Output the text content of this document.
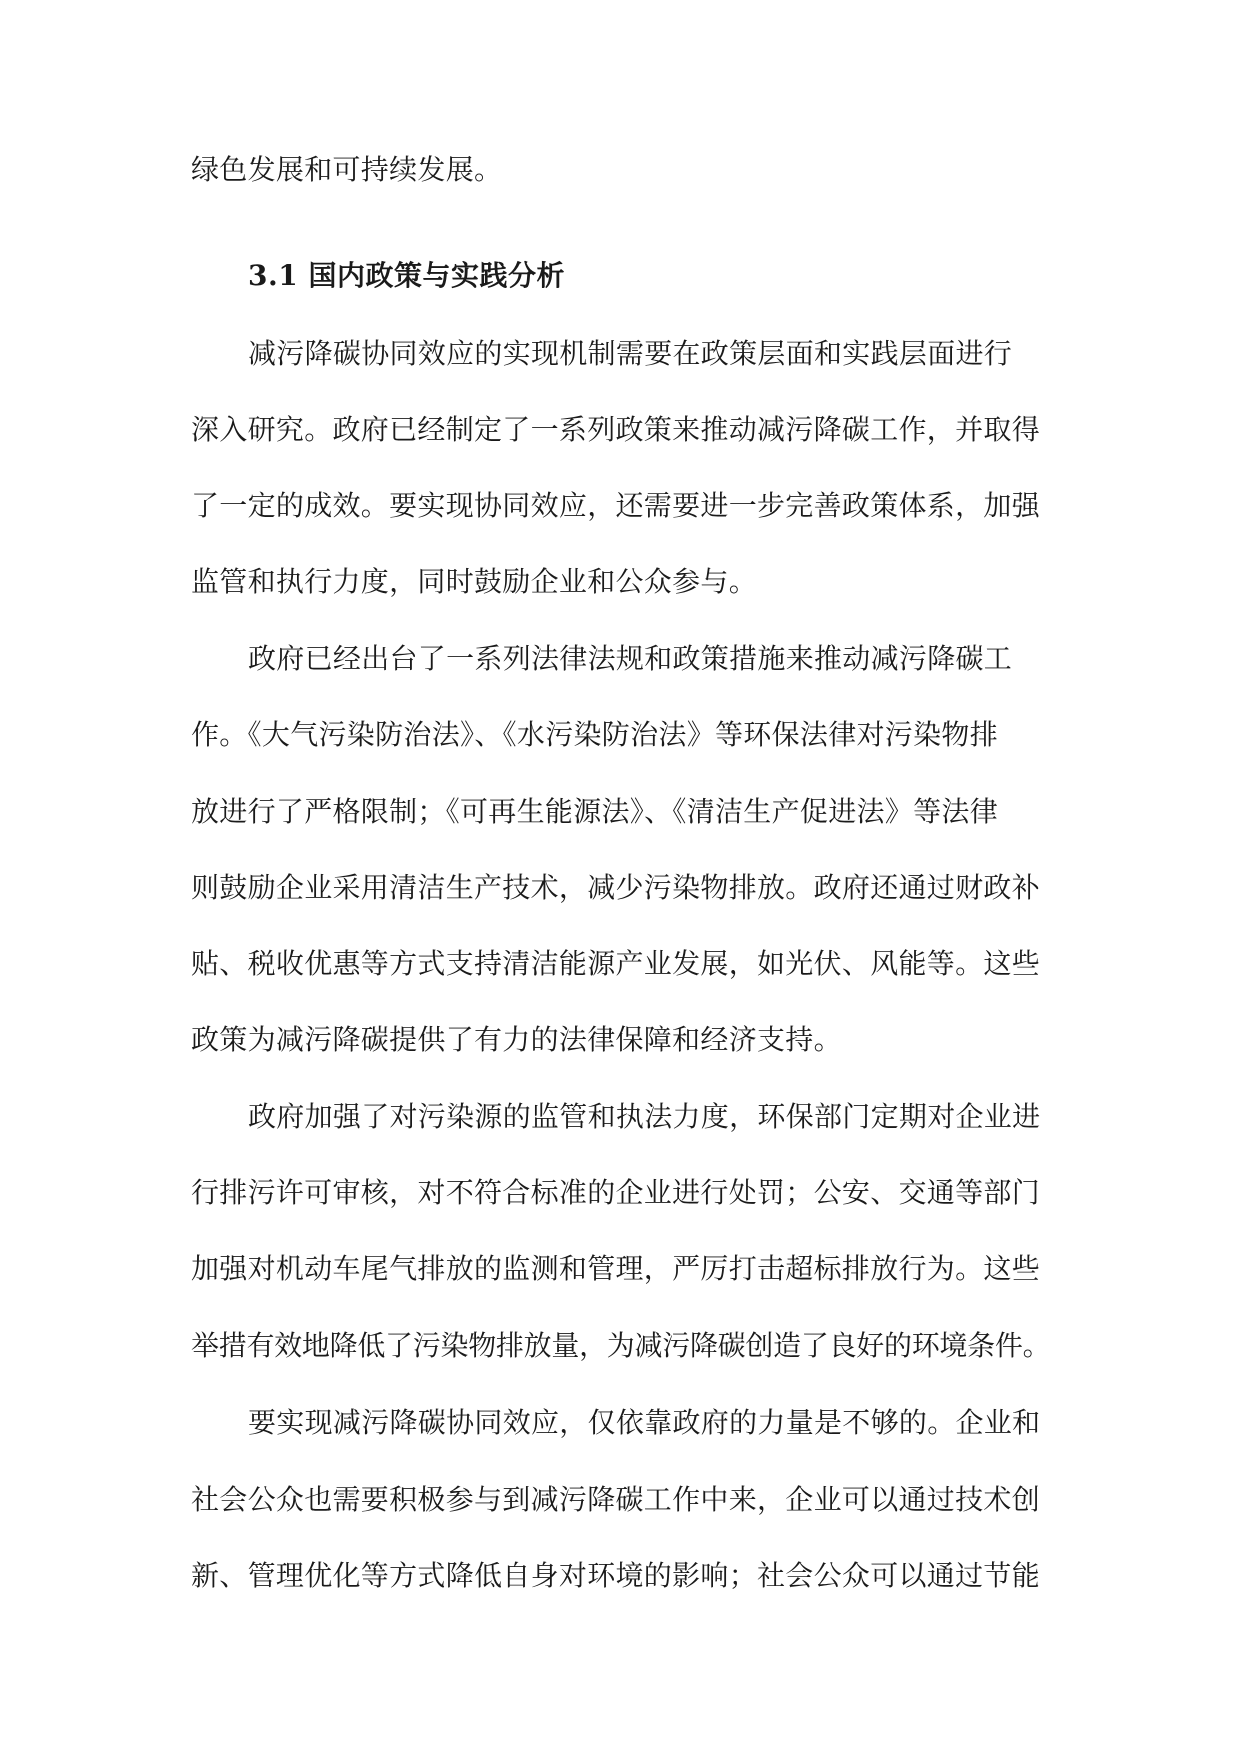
绿色发展和可持续发展。
3.1 国内政策与实践分析
减污降碳协同效应的实现机制需要在政策层面和实践层面进行
深入研究。政府已经制定了一系列政策来推动减污降碳工作，并取得
了一定的成效。要实现协同效应，还需要进一步完善政策体系，加强
监管和执行力度，同时鼓励企业和公众参与。
政府已经出台了一系列法律法规和政策措施来推动减污降碳工
作。《大气污染防治法》、《水污染防治法》等环保法律对污染物排
放进行了严格限制；《可再生能源法》、《清洁生产促进法》等法律
则鼓励企业采用清洁生产技术，减少污染物排放。政府还通过财政补
贴、税收优惠等方式支持清洁能源产业发展，如光伏、风能等。这些
政策为减污降碳提供了有力的法律保障和经济支持。
政府加强了对污染源的监管和执法力度，环保部门定期对企业进
行排污许可审核，对不符合标准的企业进行处罚；公安、交通等部门
加强对机动车尾气排放的监测和管理，严厉打击超标排放行为。这些
举措有效地降低了污染物排放量，为减污降碳创造了良好的环境条件。
要实现减污降碳协同效应，仅依靠政府的力量是不够的。企业和
社会公众也需要积极参与到减污降碳工作中来，企业可以通过技术创
新、管理优化等方式降低自身对环境的影响；社会公众可以通过节能
